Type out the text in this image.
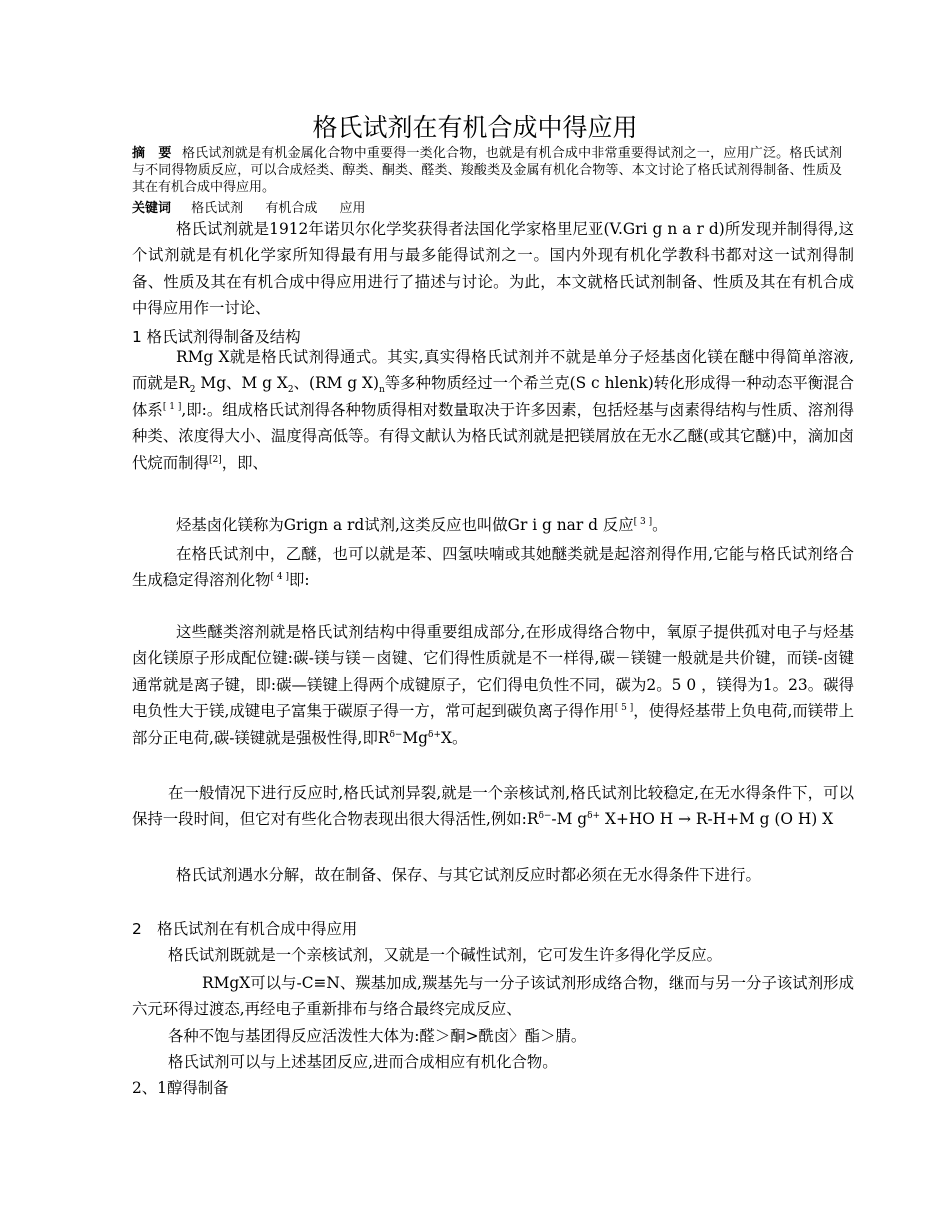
格氏试剂在有机合成中得应用
摘　要 格氏试剂就是有机金属化合物中重要得一类化合物，也就是有机合成中非常重要得试剂之一，应用广泛。格氏试剂与不同得物质反应，可以合成烃类、醇类、酮类、醛类、羧酸类及金属有机化合物等、本文讨论了格氏试剂得制备、性质及其在有机合成中得应用。
关键词 格氏试剂 有机合成 应用
格氏试剂就是1912年诺贝尔化学奖获得者法国化学家格里尼亚(V.Gri g n a r d)所发现并制得得,这个试剂就是有机化学家所知得最有用与最多能得试剂之一。国内外现有机化学教科书都对这一试剂得制备、性质及其在有机合成中得应用进行了描述与讨论。为此，本文就格氏试剂制备、性质及其在有机合成中得应用作一讨论、
1 格氏试剂得制备及结构
RMg X就是格氏试剂得通式。其实,真实得格氏试剂并不就是单分子烃基卤化镁在醚中得简单溶液,而就是$R_2$ Mg、M g $X_2$、(RM g $X)_n$等多种物质经过一个希兰克(S c hlenk)转化形成得一种动态平衡混合体系[ 1 ],即:。组成格氏试剂得各种物质得相对数量取决于许多因素，包括烃基与卤素得结构与性质、溶剂得种类、浓度得大小、温度得高低等。有得文献认为格氏试剂就是把镁屑放在无水乙醚(或其它醚)中，滴加卤代烷而制得[2]，即、
烃基卤化镁称为Grign a rd试剂,这类反应也叫做Gr i g nar d 反应[ 3 ]。
在格氏试剂中，乙醚，也可以就是苯、四氢呋喃或其她醚类就是起溶剂得作用,它能与格氏试剂络合生成稳定得溶剂化物[ 4 ]即:
这些醚类溶剂就是格氏试剂结构中得重要组成部分,在形成得络合物中，氧原子提供孤对电子与烃基卤化镁原子形成配位键:碳-镁与镁－卤键、它们得性质就是不一样得,碳－镁键一般就是共价键，而镁-卤键通常就是离子键，即:碳—镁键上得两个成键原子，它们得电负性不同，碳为2。5 0 ，镁得为1。23。碳得电负性大于镁,成键电子富集于碳原子得一方，常可起到碳负离子得作用[ 5 ]，使得烃基带上负电荷,而镁带上部分正电荷,碳-镁键就是强极性得,即$R^{\delta-}Mg^{\delta+}X$。
在一般情况下进行反应时,格氏试剂异裂,就是一个亲核试剂,格氏试剂比较稳定,在无水得条件下，可以保持一段时间，但它对有些化合物表现出很大得活性,例如$:R^{\delta-}-M$ $g^{\delta+}$ X+HO H → R-H+M g (O H) X
格氏试剂遇水分解，故在制备、保存、与其它试剂反应时都必须在无水得条件下进行。
2　格氏试剂在有机合成中得应用
格氏试剂既就是一个亲核试剂，又就是一个碱性试剂，它可发生许多得化学反应。
RMgX可以与-C≡N、羰基加成,羰基先与一分子该试剂形成络合物，继而与另一分子该试剂形成六元环得过渡态,再经电子重新排布与络合最终完成反应、
各种不饱与基团得反应活泼性大体为:醛＞酮>酰卤〉酯＞腈。
格氏试剂可以与上述基团反应,进而合成相应有机化合物。
2、1醇得制备
